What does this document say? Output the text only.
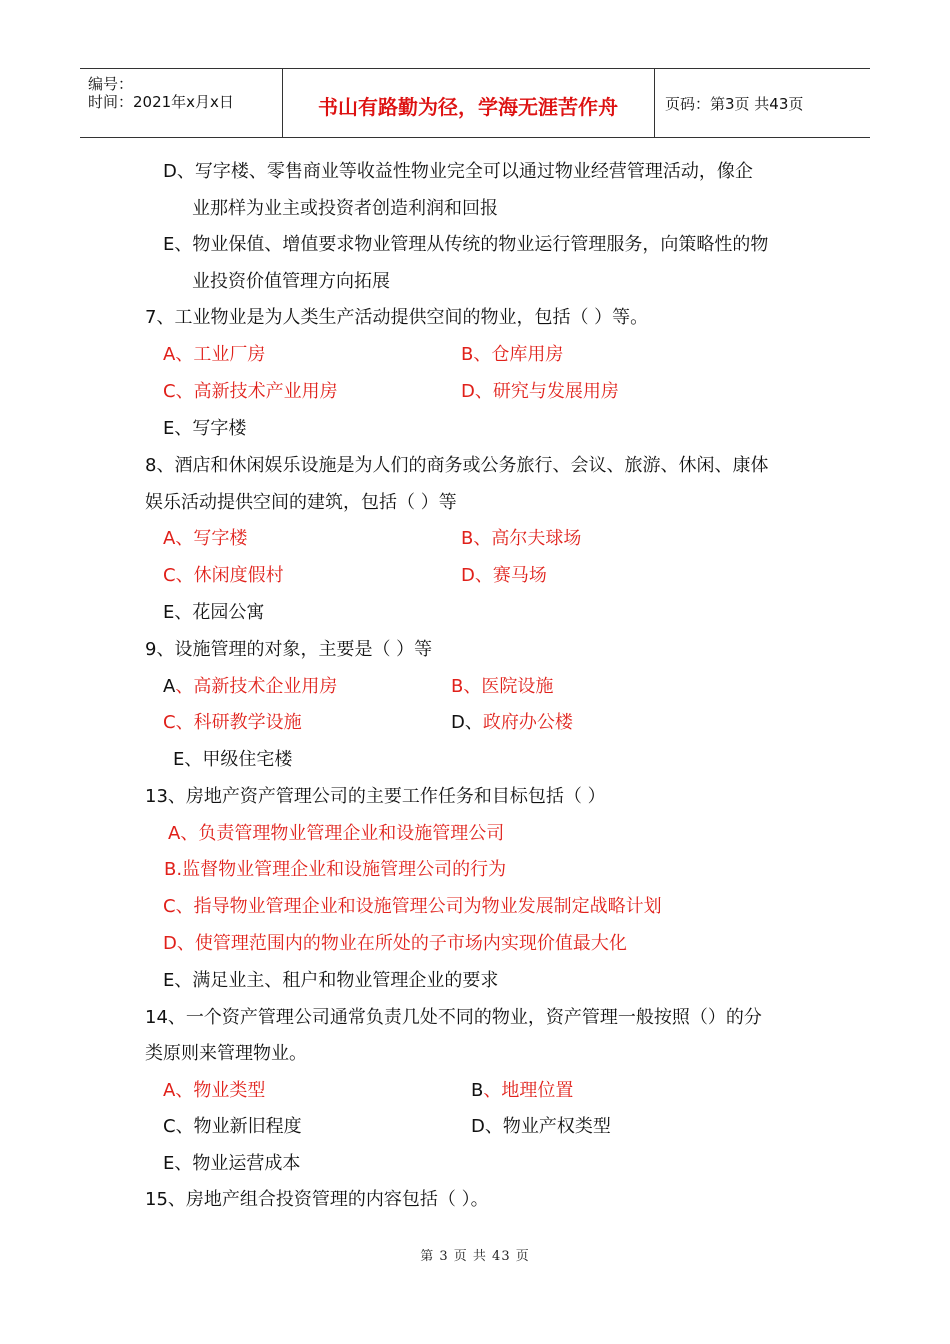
编号：
时间：2021年x月x日	书山有路勤为径，学海无涯苦作舟	页码：第3页 共43页
D、写字楼、零售商业等收益性物业完全可以通过物业经营管理活动，像企
业那样为业主或投资者创造利润和回报
E、物业保值、增值要求物业管理从传统的物业运行管理服务，向策略性的物
业投资价值管理方向拓展
7、工业物业是为人类生产活动提供空间的物业，包括（ ）等。
A、工业厂房	B、仓库用房
C、高新技术产业用房	D、研究与发展用房
E、写字楼
8、酒店和休闲娱乐设施是为人们的商务或公务旅行、会议、旅游、休闲、康体
娱乐活动提供空间的建筑，包括（ ）等
A、写字楼	B、高尔夫球场
C、休闲度假村	D、赛马场
E、花园公寓
9、设施管理的对象，主要是（ ）等
A、高新技术企业用房	B、医院设施
C、科研教学设施	D、政府办公楼
E、甲级住宅楼
13、房地产资产管理公司的主要工作任务和目标包括（ ）
A、负责管理物业管理企业和设施管理公司
B.监督物业管理企业和设施管理公司的行为
C、指导物业管理企业和设施管理公司为物业发展制定战略计划
D、使管理范围内的物业在所处的子市场内实现价值最大化
E、满足业主、租户和物业管理企业的要求
14、一个资产管理公司通常负责几处不同的物业，资产管理一般按照（）的分
类原则来管理物业。
A、物业类型	B、地理位置
C、物业新旧程度	D、物业产权类型
E、物业运营成本
15、房地产组合投资管理的内容包括（ ）。
第 3 页 共 43 页
